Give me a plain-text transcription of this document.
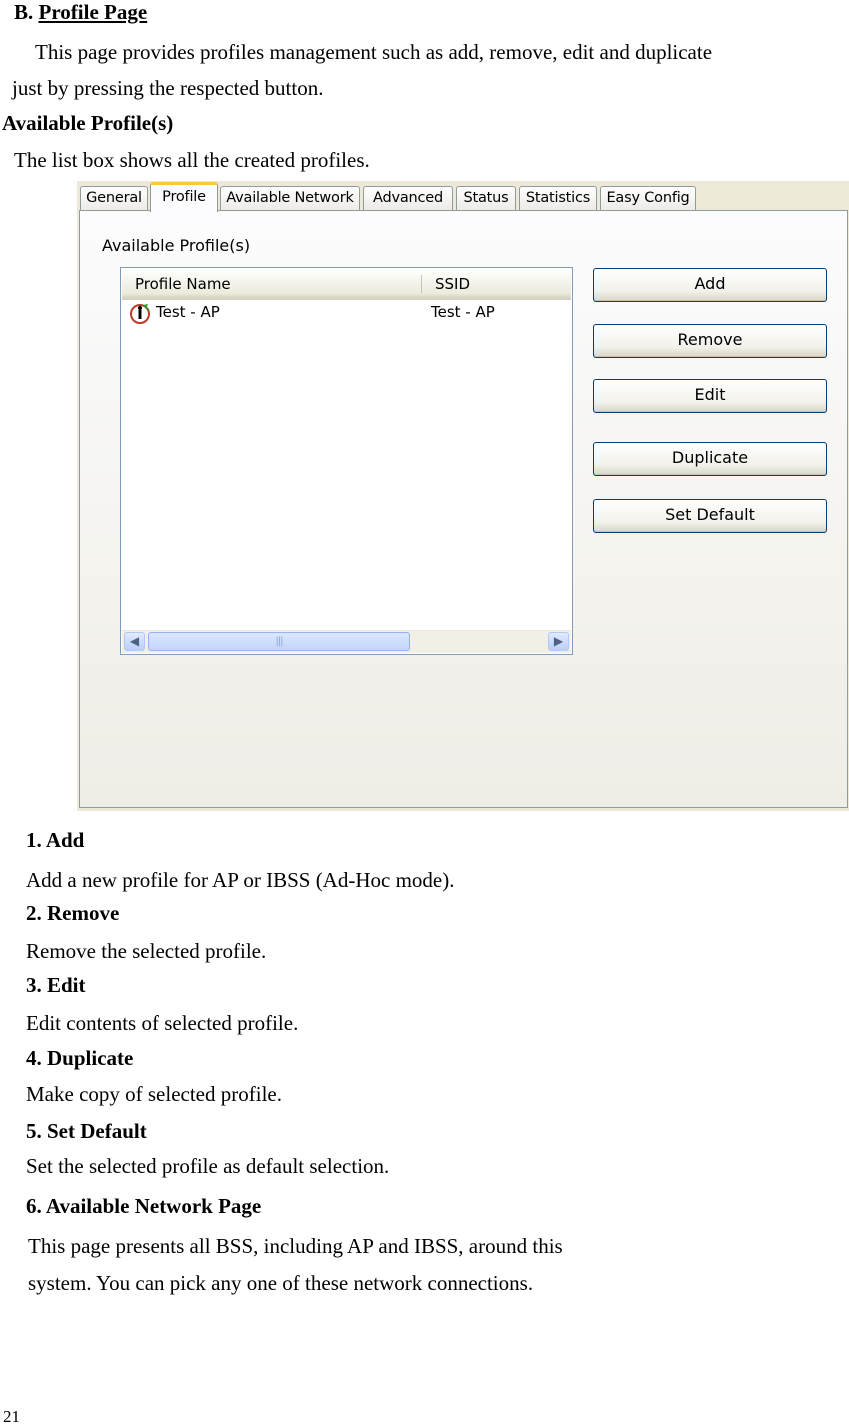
B. Profile Page
This page provides profiles management such as add, remove, edit and duplicate
just by pressing the respected button.
Available Profile(s)
The list box shows all the created profiles.
General	Profile	Available Network	Advanced	Status	Statistics	Easy Config
Available Profile(s)
Profile Name	SSID
Test - AP	Test - AP
◀	|||	▶
Add
Remove
Edit
Duplicate
Set Default
1. Add
Add a new profile for AP or IBSS (Ad-Hoc mode).
2. Remove
Remove the selected profile.
3. Edit
Edit contents of selected profile.
4. Duplicate
Make copy of selected profile.
5. Set Default
Set the selected profile as default selection.
6. Available Network Page
This page presents all BSS, including AP and IBSS, around this
system. You can pick any one of these network connections.
21
